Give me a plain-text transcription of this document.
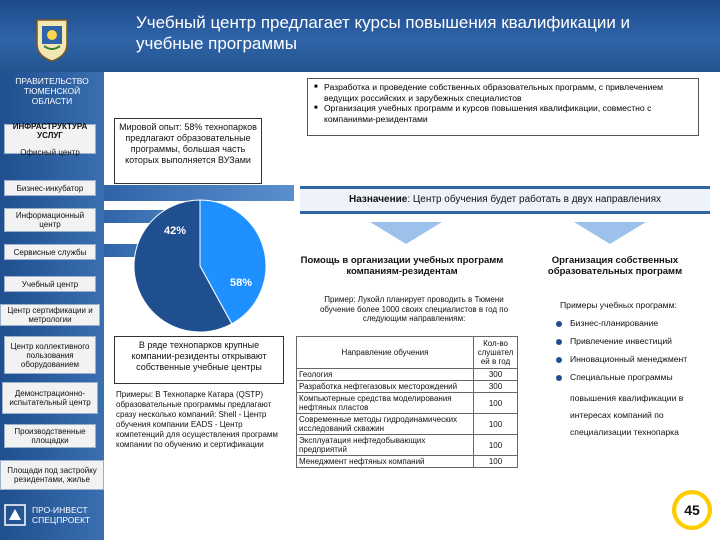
Учебный центр предлагает курсы повышения квалификации и учебные программы
ПРАВИТЕЛЬСТВО ТЮМЕНСКОЙ ОБЛАСТИ
ИНФРАСТРУКТУРА УСЛУГ
Офисный центр
Бизнес-инкубатор
Информационный центр
Сервисные службы
Учебный центр
Центр сертификации и метрологии
Центр коллективного пользования оборудованием
Демонстрационно-испытательный центр
Производственные площадки
Площади под застройку резидентами, жилье
ПРО-ИНВЕСТ
СПЕЦПРОЕКТ
Мировой опыт: 58% технопарков предлагают образовательные программы, большая часть которых выполняется ВУЗами
42%
58%
■ Разработка и проведение собственных образовательных программ, с привлечением ведущих российских и зарубежных специалистов
■ Организация учебных программ и курсов повышения квалификации, совместно с компаниями-резидентами
Назначение: Центр обучения будет работать в двух направлениях
Помощь в организации учебных программ компаниям-резидентам
Организация собственных образовательных программ
В ряде технопарков крупные компании-резиденты открывают собственные учебные центры
Примеры: В Технопарке Катара (QSTP) образовательные программы предлагают сразу несколько компаний: Shell - Центр обучения компании EADS - Центр компетенций для осуществления программ компании по обучению и сертификации
Пример: Лукойл планирует проводить в Тюмени обучение более 1000 своих специалистов в год по следующим направлениям:
Направление обучения	Кол-во слушател ей в год
Геология	300
Разработка нефтегазовых месторождений	300
Компьютерные средства моделирования нефтяных пластов	100
Современные методы гидродинамических исследований скважин	100
Эксплуатация нефтедобывающих предприятий	100
Менеджмент нефтяных компаний	100
Примеры учебных программ:
Бизнес-планирование
Привлечение инвестиций
Инновационный менеджмент
Специальные программы
повышения квалификации в
интересах компаний по
специализации технопарка
45
